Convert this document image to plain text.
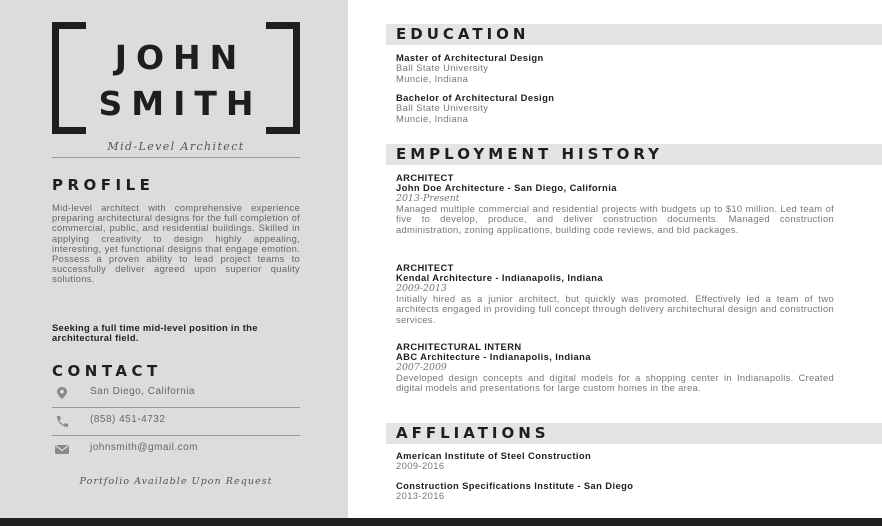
JOHN
SMITH
Mid-Level Architect
PROFILE
Mid-level architect with comprehensive experience preparing architectural designs for the full completion of commercial, public, and residential buildings. Skilled in applying creativity to design highly appealing, interesting, yet functional designs that engage emotion. Possess a proven ability to lead project teams to successfully deliver agreed upon superior quality solutions.
Seeking a full time mid-level position in the architectural field.
CONTACT
San Diego, California
(858) 451-4732
johnsmith@gmail.com
Portfolio Available Upon Request
EDUCATION
Master of Architectural Design
Ball State University
Muncie, Indiana
Bachelor of Architectural Design
Ball State University
Muncie, Indiana
EMPLOYMENT HISTORY
ARCHITECT
John Doe Architecture - San Diego, California
2013-Present
Managed multiple commercial and residential projects with budgets up to $10 million. Led team of five to develop, produce, and deliver construction documents. Managed construction administration, zoning applications, building code reviews, and bid packages.
ARCHITECT
Kendal Architecture - Indianapolis, Indiana
2009-2013
Initially hired as a junior architect, but quickly was promoted. Effectively led a team of two architects engaged in providing full concept through delivery architechural design and construction services.
ARCHITECTURAL INTERN
ABC Architecture - Indianapolis, Indiana
2007-2009
Developed design concepts and digital models for a shopping center in Indianapolis. Created digital models and presentations for large custom homes in the area.
AFFLIATIONS
American Institute of Steel Construction
2009-2016
Construction Specifications Institute - San Diego
2013-2016
